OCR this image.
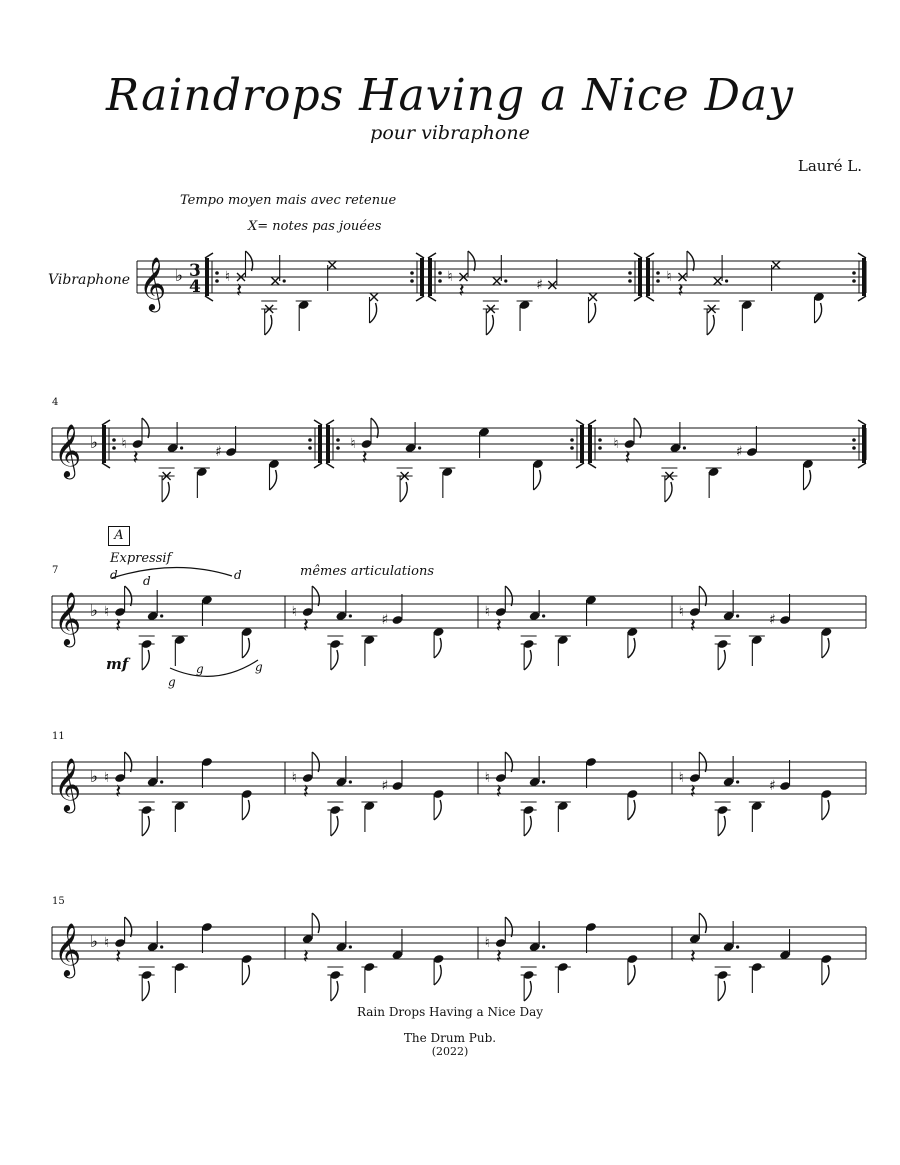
Raindrops Having a Nice Day
pour vibraphone
Lauré L.
Tempo moyen mais avec retenue
X= notes pas jouées
Vibraphone
4
7
11
15
A
Expressif
mêmes articulations
mf
d d	d
g
g	g
𝄞 ♭ 3
4 ♮
𝄽
♮	♯
𝄽
♮
𝄽
𝄞 ♭ ♮	♯
𝄽
♮
𝄽
♮	♯
𝄽
𝄞 ♭ ♮
𝄽
♮	♯
𝄽
♮
𝄽
♮	♯
𝄽
𝄞 ♭ ♮
𝄽
♮	♯
𝄽
♮
𝄽
♮	♯
𝄽
𝄞 ♭ ♮
𝄽	𝄽
♮
𝄽	𝄽
Rain Drops Having a Nice Day
The Drum Pub.
(2022)
